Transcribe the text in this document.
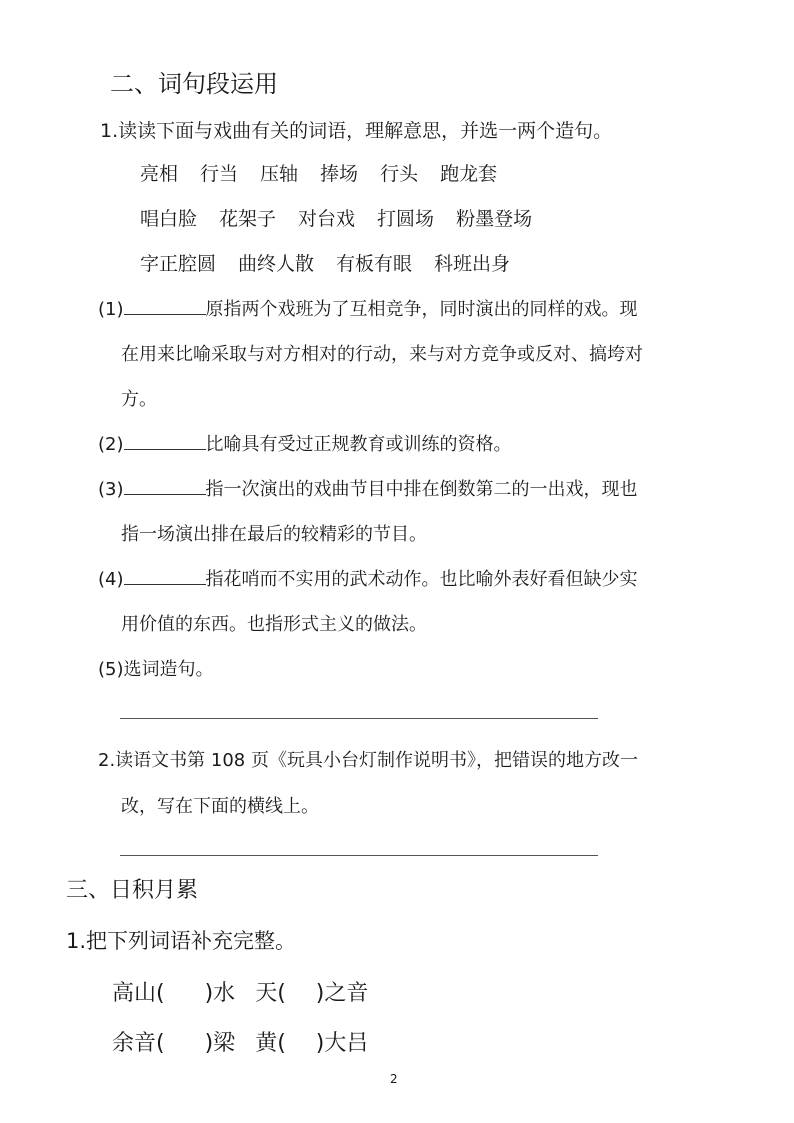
二、词句段运用
1.读读下面与戏曲有关的词语，理解意思，并选一两个造句。
亮相 行当 压轴 捧场 行头 跑龙套
唱白脸 花架子 对台戏 打圆场 粉墨登场
字正腔圆 曲终人散 有板有眼 科班出身
(1)	原指两个戏班为了互相竞争，同时演出的同样的戏。现
在用来比喻采取与对方相对的行动，来与对方竞争或反对、搞垮对
方。
(2)	比喻具有受过正规教育或训练的资格。
(3)	指一次演出的戏曲节目中排在倒数第二的一出戏，现也
指一场演出排在最后的较精彩的节目。
(4)	指花哨而不实用的武术动作。也比喻外表好看但缺少实
用价值的东西。也指形式主义的做法。
(5)选词造句。
2.读语文书第 108 页《玩具小台灯制作说明书》，把错误的地方改一
改，写在下面的横线上。
三、日积月累
1.把下列词语补充完整。
高山( )水 天( )之音
余音( )梁 黄( )大吕
2
